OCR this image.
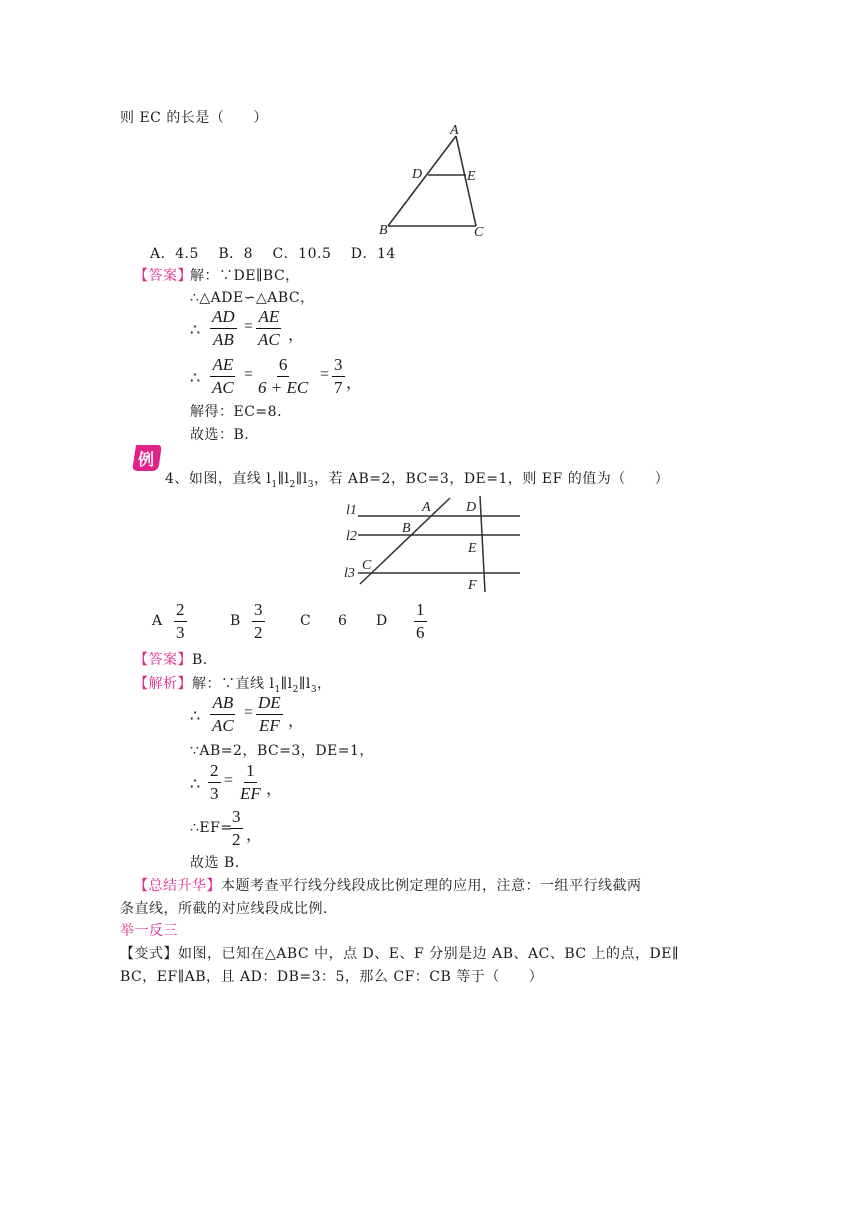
则 EC 的长是（　　）
A
D	E
B	C
A．4.5　 B．8　 C．10.5　 D．14
【答案】
解：∵DE∥BC，
∴△ADE∽△ABC，
∴ $\frac{AD}{AB} = \frac{AE}{AC}$ ，
∴ $\frac{AE}{AC} = \frac{6}{6 + EC} = \frac{3}{7}$ ，
解得：EC=8．
故选：B．
例
4、如图，直线 $l_1\parallel l_2\parallel l_3$，若 AB=2，BC=3，DE=1，则 EF 的值为（　　）
l1
l2
l3
A	D
B
E
C
F
A $\frac{2}{3}$	B $\frac{3}{2}$	C 6 D $\frac{1}{6}$
【答案】B.
【解析】解：∵直线 $l_1\parallel l_2\parallel l_3$，
∴ $\frac{AB}{AC} = \frac{DE}{EF}$ ，
∵AB=2，BC=3，DE=1，
∴ $\frac{2}{3} = \frac{1}{EF}$ ，
∴EF=
$\frac{3}{2}$ ，
故选 B．
【总结升华】本题考查平行线分线段成比例定理的应用，注意：一组平行线截两
条直线，所截的对应线段成比例．
举一反三
【变式】如图，已知在△ABC 中，点 D、E、F 分别是边 AB、AC、BC 上的点，DE∥
BC，EF∥AB，且 AD：DB=3：5，那么 CF：CB 等于（　　）
